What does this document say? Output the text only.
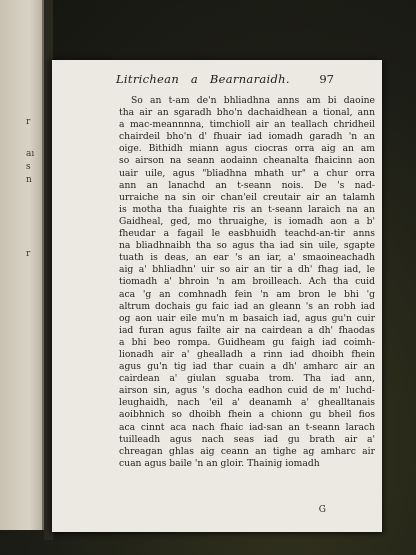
r
ai
s
n
r
Litrichean   a   Bearnaraidh.	97
So an t-am de'n bhliadhna anns am bi daoine
tha air an sgaradh bho'n dachaidhean a tional, ann
a mac-meannnna, timchioll air an teallach chridheil
chairdeil bho'n d' fhuair iad iomadh garadh 'n an
oige. Bithidh miann agus ciocras orra aig an am
so airson na seann aodainn cheanalta fhaicinn aon
uair uile, agus "bliadhna mhath ur" a chur orra
ann an lanachd an t-seann nois. De 's nad-
urraiche na sin oir chan'eil creutair air an talamh
is motha tha fuaighte ris an t-seann laraich na an
Gaidheal, ged, mo thruaighe, is iomadh aon a b'
fheudar a fagail le easbhuidh teachd-an-tir anns
na bliadhnaibh tha so agus tha iad sin uile, sgapte
tuath is deas, an ear 's an iar, a' smaoineachadh
aig a' bhliadhn' uir so air an tir a dh' fhag iad, le
tiomadh a' bhroin 'n am broilleach. Ach tha cuid
aca 'g an comhnadh fein 'n am bron le bhi 'g
altrum dochais gu faic iad an gleann 's an robh iad
og aon uair eile mu'n m basaich iad, agus gu'n cuir
iad furan agus failte air na cairdean a dh' fhaodas
a bhi beo rompa. Guidheam gu faigh iad coimh-
lionadh air a' ghealladh a rinn iad dhoibh fhein
agus gu'n tig iad thar cuain a dh' amharc air an
cairdean a' giulan sguaba trom. Tha iad ann,
airson sin, agus 's docha eadhon cuid de m' luchd-
leughaidh, nach 'eil a' deanamh a' ghealltanais
aoibhnich so dhoibh fhein a chionn gu bheil fios
aca cinnt aca nach fhaic iad-san an t-seann larach
tuilleadh agus nach seas iad gu brath air a'
chreagan ghlas aig ceann an tighe ag amharc air
cuan agus baile 'n an gloir. Thainig iomadh
G
